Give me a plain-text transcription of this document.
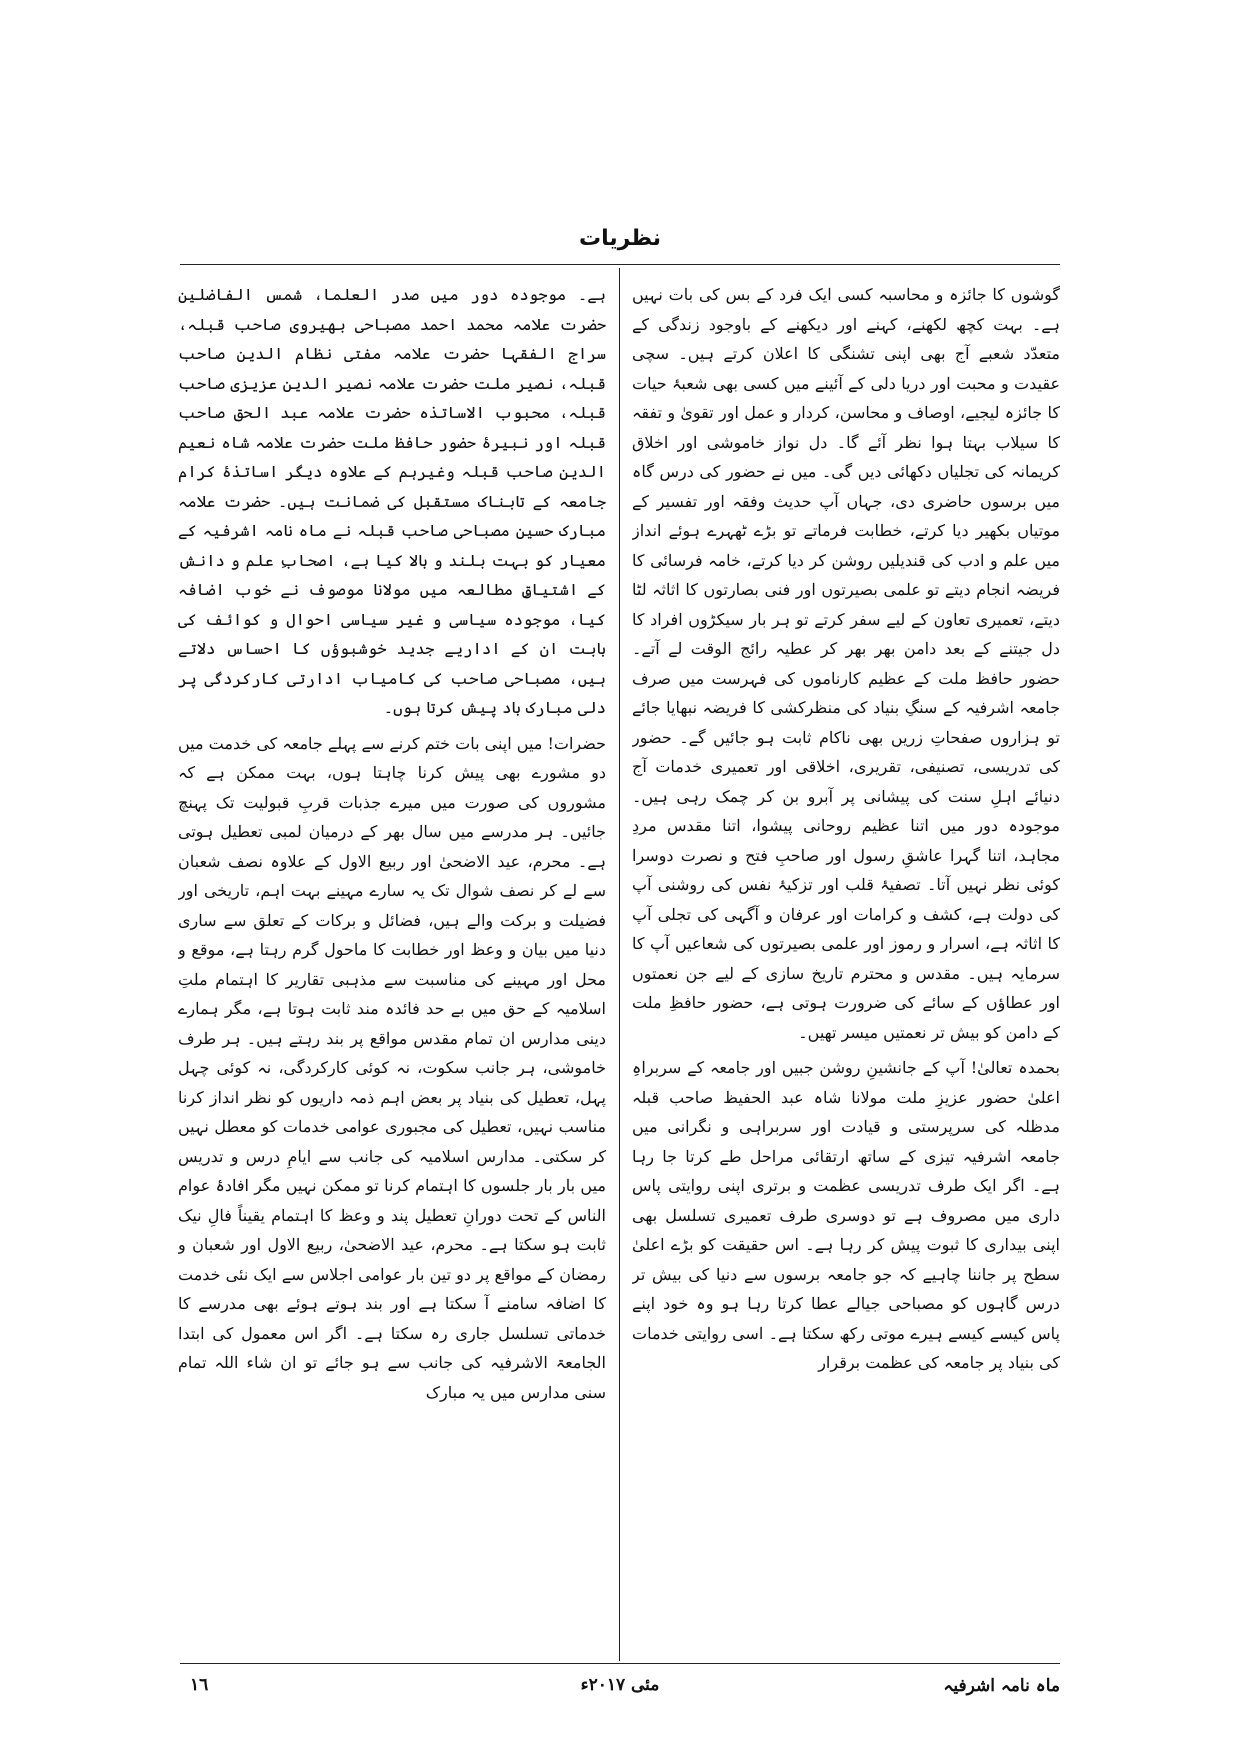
نظریات

گوشوں کا جائزہ و محاسبہ کسی ایک فرد کے بس کی بات نہیں ہے۔ بہت کچھ لکھنے، کہنے اور دیکھنے کے باوجود زندگی کے متعدّد شعبے آج بھی اپنی تشنگی کا اعلان کرتے ہیں۔ سچی عقیدت و محبت اور دریا دلی کے آئینے میں کسی بھی شعبۂ حیات کا جائزہ لیجیے، اوصاف و محاسن، کردار و عمل اور تقویٰ و تفقہ کا سیلاب بہتا ہوا نظر آئے گا۔ دل نواز خاموشی اور اخلاق کریمانہ کی تجلیاں دکھائی دیں گی۔ میں نے حضور کی درس گاہ میں برسوں حاضری دی، جہاں آپ حدیث وفقہ اور تفسیر کے موتیاں بکھیر دیا کرتے، خطابت فرماتے تو بڑے ٹھہرے ہوئے انداز میں علم و ادب کی قندیلیں روشن کر دیا کرتے، خامہ فرسائی کا فریضہ انجام دیتے تو علمی بصیرتوں اور فنی بصارتوں کا اثاثہ لٹا دیتے، تعمیری تعاون کے لیے سفر کرتے تو ہر بار سیکڑوں افراد کا دل جیتنے کے بعد دامن بھر بھر کر عطیہ رائج الوقت لے آتے۔ حضور حافظ ملت کے عظیم کارناموں کی فہرست میں صرف جامعہ اشرفیہ کے سنگِ بنیاد کی منظرکشی کا فریضہ نبھایا جائے تو ہزاروں صفحاتِ زریں بھی ناکام ثابت ہو جائیں گے۔ حضور کی تدریسی، تصنیفی، تقریری، اخلاقی اور تعمیری خدمات آج دنیائے اہلِ سنت کی پیشانی پر آبرو بن کر چمک رہی ہیں۔ موجودہ دور میں اتنا عظیم روحانی پیشوا، اتنا مقدس مردِ مجاہد، اتنا گہرا عاشقِ رسول اور صاحبِ فتح و نصرت دوسرا کوئی نظر نہیں آتا۔ تصفیۂ قلب اور تزکیۂ نفس کی روشنی آپ کی دولت ہے، کشف و کرامات اور عرفان و آگہی کی تجلی آپ کا اثاثہ ہے، اسرار و رموز اور علمی بصیرتوں کی شعاعیں آپ کا سرمایہ ہیں۔ مقدس و محترم تاریخ سازی کے لیے جن نعمتوں اور عطاؤں کے سائے کی ضرورت ہوتی ہے، حضور حافظِ ملت کے دامن کو بیش تر نعمتیں میسر تھیں۔

بحمدہ تعالیٰ! آپ کے جانشینِ روشن جبیں اور جامعہ کے سربراہِ اعلیٰ حضور عزیزِ ملت مولانا شاہ عبد الحفیظ صاحب قبلہ مدظلہ کی سرپرستی و قیادت اور سربراہی و نگرانی میں جامعہ اشرفیہ تیزی کے ساتھ ارتقائی مراحل طے کرتا جا رہا ہے۔ اگر ایک طرف تدریسی عظمت و برتری اپنی روایتی پاس داری میں مصروف ہے تو دوسری طرف تعمیری تسلسل بھی اپنی بیداری کا ثبوت پیش کر رہا ہے۔ اس حقیقت کو بڑے اعلیٰ سطح پر جاننا چاہیے کہ جو جامعہ برسوں سے دنیا کی بیش تر درس گاہوں کو مصباحی جیالے عطا کرتا رہا ہو وہ خود اپنے پاس کیسے کیسے ہیرے موتی رکھ سکتا ہے۔ اسی روایتی خدمات کی بنیاد پر جامعہ کی عظمت برقرار

ہے۔ موجودہ دور میں صدر العلما، شمس الفاضلین حضرت علامہ محمد احمد مصباحی بھیروی صاحب قبلہ، سراج الفقہا حضرت علامہ مفتی نظام الدین صاحب قبلہ، نصیر ملت حضرت علامہ نصیر الدین عزیزی صاحب قبلہ، محبوب الاساتذہ حضرت علامہ عبد الحق صاحب قبلہ اور نبیرۂ حضور حافظ ملت حضرت علامہ شاہ نعیم الدین صاحب قبلہ وغیرہم کے علاوہ دیگر اساتذۂ کرام جامعہ کے تابناک مستقبل کی ضمانت ہیں۔ حضرت علامہ مبارک حسین مصباحی صاحب قبلہ نے ماہ نامہ اشرفیہ کے معیار کو بہت بلند و بالا کیا ہے، اصحابِ علم و دانش کے اشتیاقِ مطالعہ میں مولانا موصوف نے خوب اضافہ کیا، موجودہ سیاسی و غیر سیاسی احوال و کوائف کی بابت ان کے اداریے جدید خوشبوؤں کا احساس دلاتے ہیں، مصباحی صاحب کی کامیاب ادارتی کارکردگی پر دلی مبارک باد پیش کرتا ہوں۔

حضرات! میں اپنی بات ختم کرنے سے پہلے جامعہ کی خدمت میں دو مشورے بھی پیش کرنا چاہتا ہوں، بہت ممکن ہے کہ مشوروں کی صورت میں میرے جذبات قربِ قبولیت تک پہنچ جائیں۔ ہر مدرسے میں سال بھر کے درمیان لمبی تعطیل ہوتی ہے۔ محرم، عید الاضحیٰ اور ربیع الاول کے علاوہ نصف شعبان سے لے کر نصف شوال تک یہ سارے مہینے بہت اہم، تاریخی اور فضیلت و برکت والے ہیں، فضائل و برکات کے تعلق سے ساری دنیا میں بیان و وعظ اور خطابت کا ماحول گرم رہتا ہے، موقع و محل اور مہینے کی مناسبت سے مذہبی تقاریر کا اہتمام ملتِ اسلامیہ کے حق میں بے حد فائدہ مند ثابت ہوتا ہے، مگر ہمارے دینی مدارس ان تمام مقدس مواقع پر بند رہتے ہیں۔ ہر طرف خاموشی، ہر جانب سکوت، نہ کوئی کارکردگی، نہ کوئی چہل پہل، تعطیل کی بنیاد پر بعض اہم ذمہ داریوں کو نظر انداز کرنا مناسب نہیں، تعطیل کی مجبوری عوامی خدمات کو معطل نہیں کر سکتی۔ مدارس اسلامیہ کی جانب سے ایامِ درس و تدریس میں بار بار جلسوں کا اہتمام کرنا تو ممکن نہیں مگر افادۂ عوام الناس کے تحت دورانِ تعطیل پند و وعظ کا اہتمام یقیناً فالِ نیک ثابت ہو سکتا ہے۔ محرم، عید الاضحیٰ، ربیع الاول اور شعبان و رمضان کے مواقع پر دو تین بار عوامی اجلاس سے ایک نئی خدمت کا اضافہ سامنے آ سکتا ہے اور بند ہوتے ہوئے بھی مدرسے کا خدماتی تسلسل جاری رہ سکتا ہے۔ اگر اس معمول کی ابتدا الجامعۃ الاشرفیہ کی جانب سے ہو جائے تو ان شاء اللہ تمام سنی مدارس میں یہ مبارک

ماہ نامہ اشرفیہ
مئی ۲۰۱۷ء
١٦
